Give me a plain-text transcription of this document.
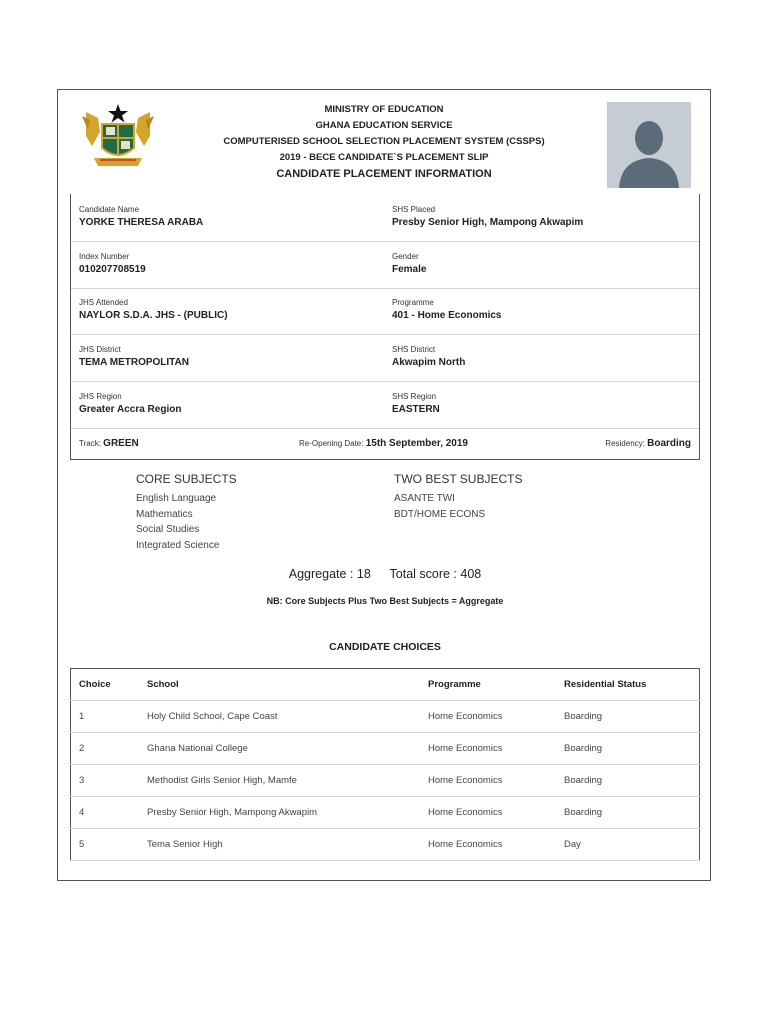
MINISTRY OF EDUCATION
GHANA EDUCATION SERVICE
COMPUTERISED SCHOOL SELECTION PLACEMENT SYSTEM (CSSPS)
2019 - BECE CANDIDATE`S PLACEMENT SLIP
CANDIDATE PLACEMENT INFORMATION
Candidate Name
YORKE THERESA ARABA
SHS Placed
Presby Senior High, Mampong Akwapim
Index Number
010207708519
Gender
Female
JHS Attended
NAYLOR S.D.A. JHS - (PUBLIC)
Programme
401 - Home Economics
JHS District
TEMA METROPOLITAN
SHS District
Akwapim North
JHS Region
Greater Accra Region
SHS Region
EASTERN
Track: GREEN	Re-Opening Date: 15th September, 2019	Residency: Boarding
CORE SUBJECTS
English Language
Mathematics
Social Studies
Integrated Science
TWO BEST SUBJECTS
ASANTE TWI
BDT/HOME ECONS
Aggregate : 18 Total score : 408
NB: Core Subjects Plus Two Best Subjects = Aggregate
CANDIDATE CHOICES
Choice	School	Programme	Residential Status
1	Holy Child School, Cape Coast	Home Economics	Boarding
2	Ghana National College	Home Economics	Boarding
3	Methodist Girls Senior High, Mamfe	Home Economics	Boarding
4	Presby Senior High, Mampong Akwapim	Home Economics	Boarding
5	Tema Senior High	Home Economics	Day
